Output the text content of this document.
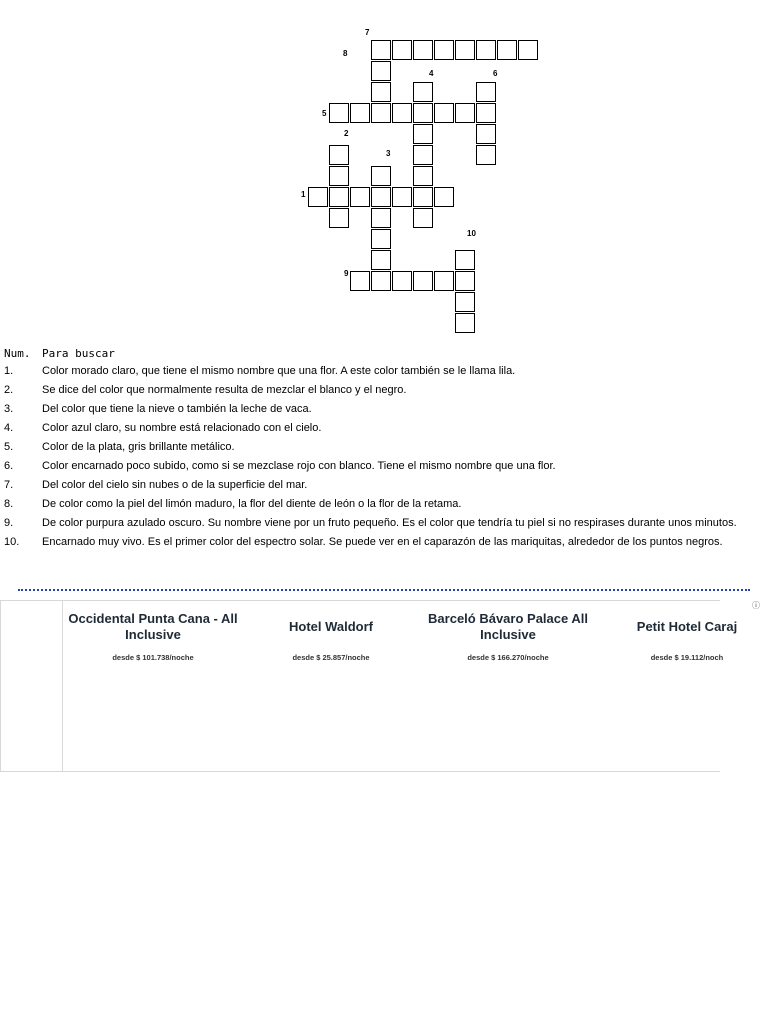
7
8
4	6
5
2
3
1
10
9
Num. Para buscar
1.	Color morado claro, que tiene el mismo nombre que una flor. A este color también se le llama lila.
2.	Se dice del color que normalmente resulta de mezclar el blanco y el negro.
3.	Del color que tiene la nieve o también la leche de vaca.
4.	Color azul claro, su nombre está relacionado con el cielo.
5.	Color de la plata, gris brillante metálico.
6.	Color encarnado poco subido, como si se mezclase rojo con blanco. Tiene el mismo nombre que una flor.
7.	Del color del cielo sin nubes o de la superficie del mar.
8.	De color como la piel del limón maduro, la flor del diente de león o la flor de la retama.
9.	De color purpura azulado oscuro. Su nombre viene por un fruto pequeño. Es el color que tendría tu piel si no respirases durante unos minutos.
10.	Encarnado muy vivo. Es el primer color del espectro solar. Se puede ver en el caparazón de las mariquitas, alrededor de los puntos negros.
Occidental Punta Cana - All Inclusive
desde $ 101.738/noche
Hotel Waldorf
desde $ 25.857/noche
Barceló Bávaro Palace All Inclusive
desde $ 166.270/noche
Petit Hotel Caraj
desde $ 19.112/noch
ⓘ
